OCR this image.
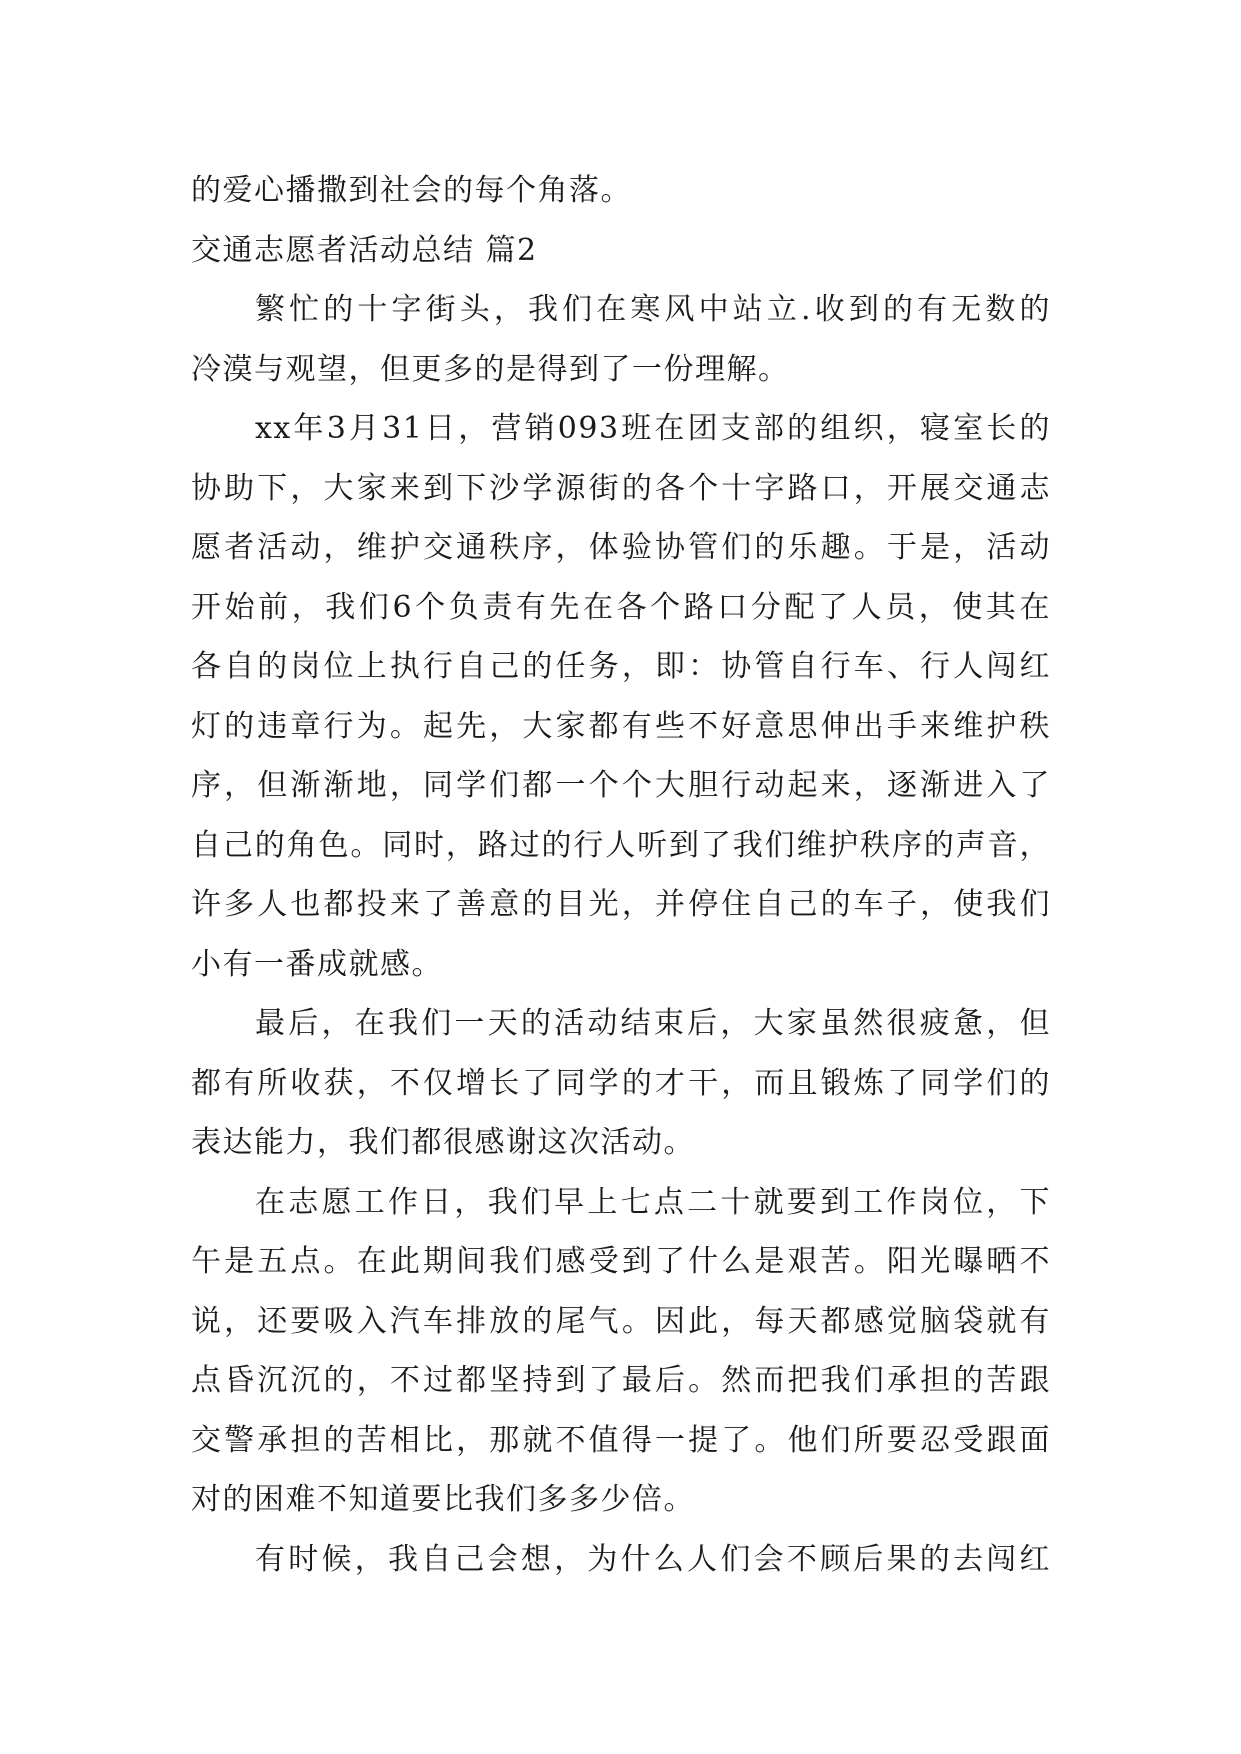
的爱心播撒到社会的每个角落。
交通志愿者活动总结 篇2
繁忙的十字街头，我们在寒风中站立.收到的有无数的
冷漠与观望，但更多的是得到了一份理解。
xx年3月31日，营销093班在团支部的组织，寝室长的
协助下，大家来到下沙学源街的各个十字路口，开展交通志
愿者活动，维护交通秩序，体验协管们的乐趣。于是，活动
开始前，我们6个负责有先在各个路口分配了人员，使其在
各自的岗位上执行自己的任务，即：协管自行车、行人闯红
灯的违章行为。起先，大家都有些不好意思伸出手来维护秩
序，但渐渐地，同学们都一个个大胆行动起来，逐渐进入了
自己的角色。同时，路过的行人听到了我们维护秩序的声音，
许多人也都投来了善意的目光，并停住自己的车子，使我们
小有一番成就感。
最后，在我们一天的活动结束后，大家虽然很疲惫，但
都有所收获，不仅增长了同学的才干，而且锻炼了同学们的
表达能力，我们都很感谢这次活动。
在志愿工作日，我们早上七点二十就要到工作岗位，下
午是五点。在此期间我们感受到了什么是艰苦。阳光曝晒不
说，还要吸入汽车排放的尾气。因此，每天都感觉脑袋就有
点昏沉沉的，不过都坚持到了最后。然而把我们承担的苦跟
交警承担的苦相比，那就不值得一提了。他们所要忍受跟面
对的困难不知道要比我们多多少倍。
有时候，我自己会想，为什么人们会不顾后果的去闯红
